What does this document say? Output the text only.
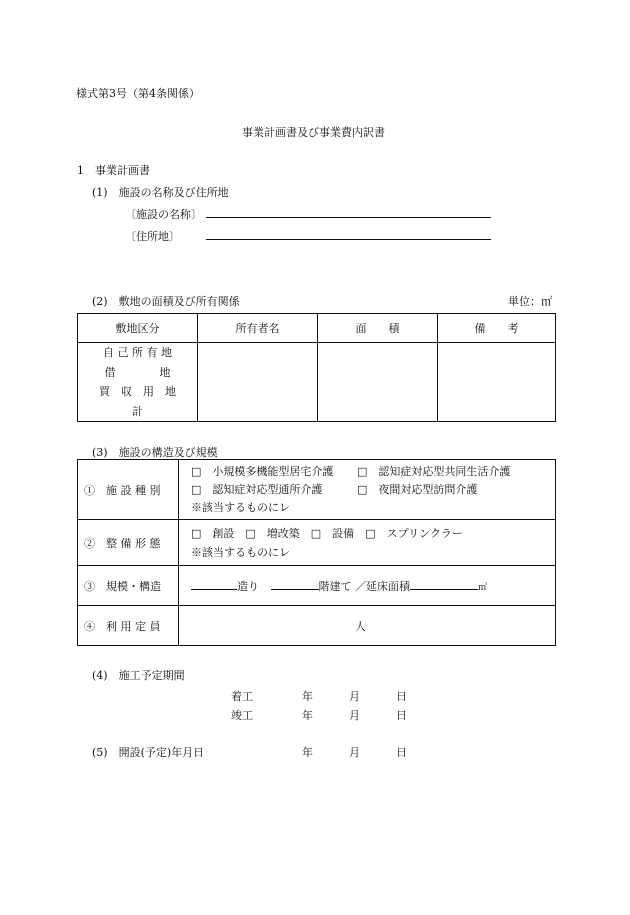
様式第3号（第4条関係）
事業計画書及び事業費内訳書
1　事業計画書
(1)　施設の名称及び住所地
〔施設の名称〕
〔住所地〕
(2)　敷地の面積及び所有関係	単位：㎡
敷地区分	所有者名	面　　積	備　　考

自 己 所 有 地
借　　　　地
買　収　用　地
計			

(3)　施設の構造及び規模
①　施 設 種 別	□　小規模多機能型居宅介護 □　認知症対応型共同生活介護
□　認知症対応型通所介護 □　夜間対応型訪問介護
※該当するものにレ

②　整 備 形 態	□　創設　□　増改築　□　設備　□　スプリンクラー
※該当するものにレ

③　規模・構造	造り 階建て ／延床面積 ㎡
④　利 用 定 員	人
(4)　施工予定期間
着工	年	月	日
竣工	年	月	日
(5)　開設(予定)年月日	年	月	日
